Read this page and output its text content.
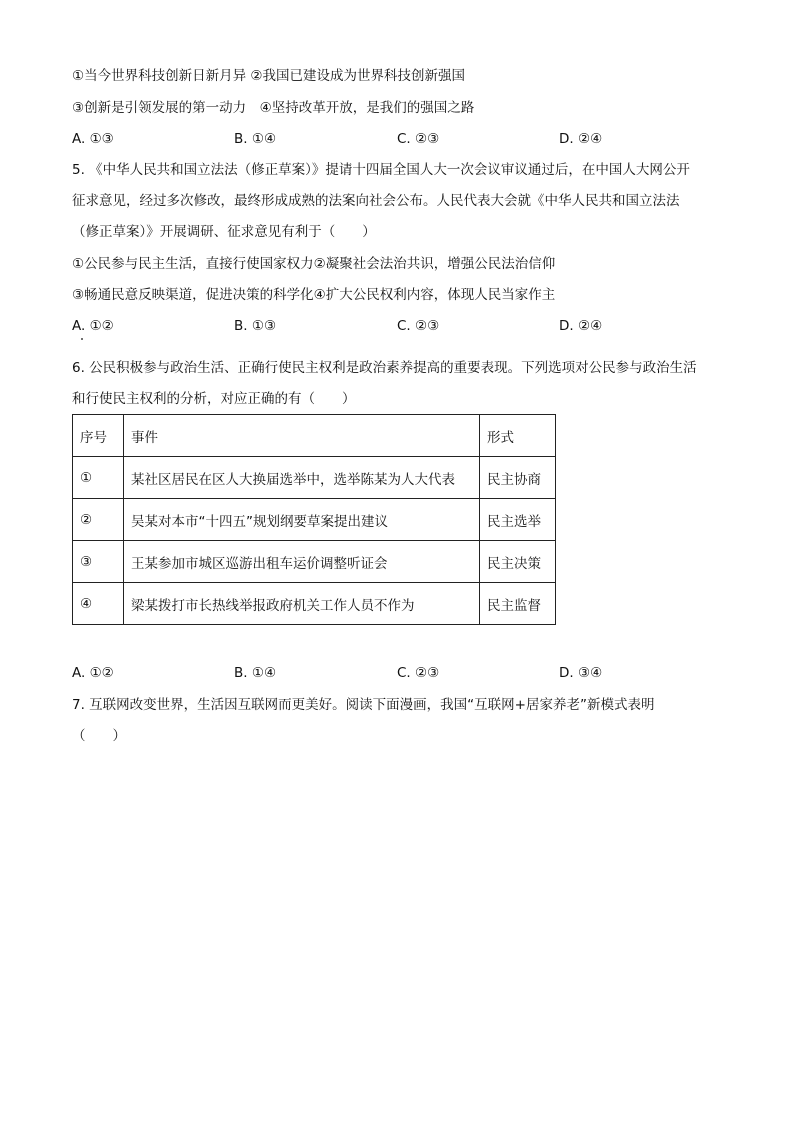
①当今世界科技创新日新月异 ②我国已建设成为世界科技创新强国
③创新是引领发展的第一动力　④坚持改革开放，是我们的强国之路
A. ①③	B. ①④	C. ②③	D. ②④
5. 《中华人民共和国立法法（修正草案）》提请十四届全国人大一次会议审议通过后，在中国人大网公开
征求意见，经过多次修改，最终形成成熟的法案向社会公布。人民代表大会就《中华人民共和国立法法
（修正草案）》开展调研、征求意见有利于（　　）
①公民参与民主生活，直接行使国家权力②凝聚社会法治共识，增强公民法治信仰
③畅通民意反映渠道，促进决策的科学化④扩大公民权利内容，体现人民当家作主
A. ①②	B. ①③	C. ②③	D. ②④
6. 公民积极参与政治生活、正确行使民主权利是政治素养提高的重要表现。下列选项对公民参与政治生活
和行使民主权利的分析，对应正确的有（　　）
序号	事件	形式
①	某社区居民在区人大换届选举中，选举陈某为人大代表	民主协商
②	吴某对本市“十四五”规划纲要草案提出建议	民主选举
③	王某参加市城区巡游出租车运价调整听证会	民主决策
④	梁某拨打市长热线举报政府机关工作人员不作为	民主监督
A. ①②	B. ①④	C. ②③	D. ③④
7. 互联网改变世界，生活因互联网而更美好。阅读下面漫画，我国“互联网+居家养老”新模式表明
（　　）
